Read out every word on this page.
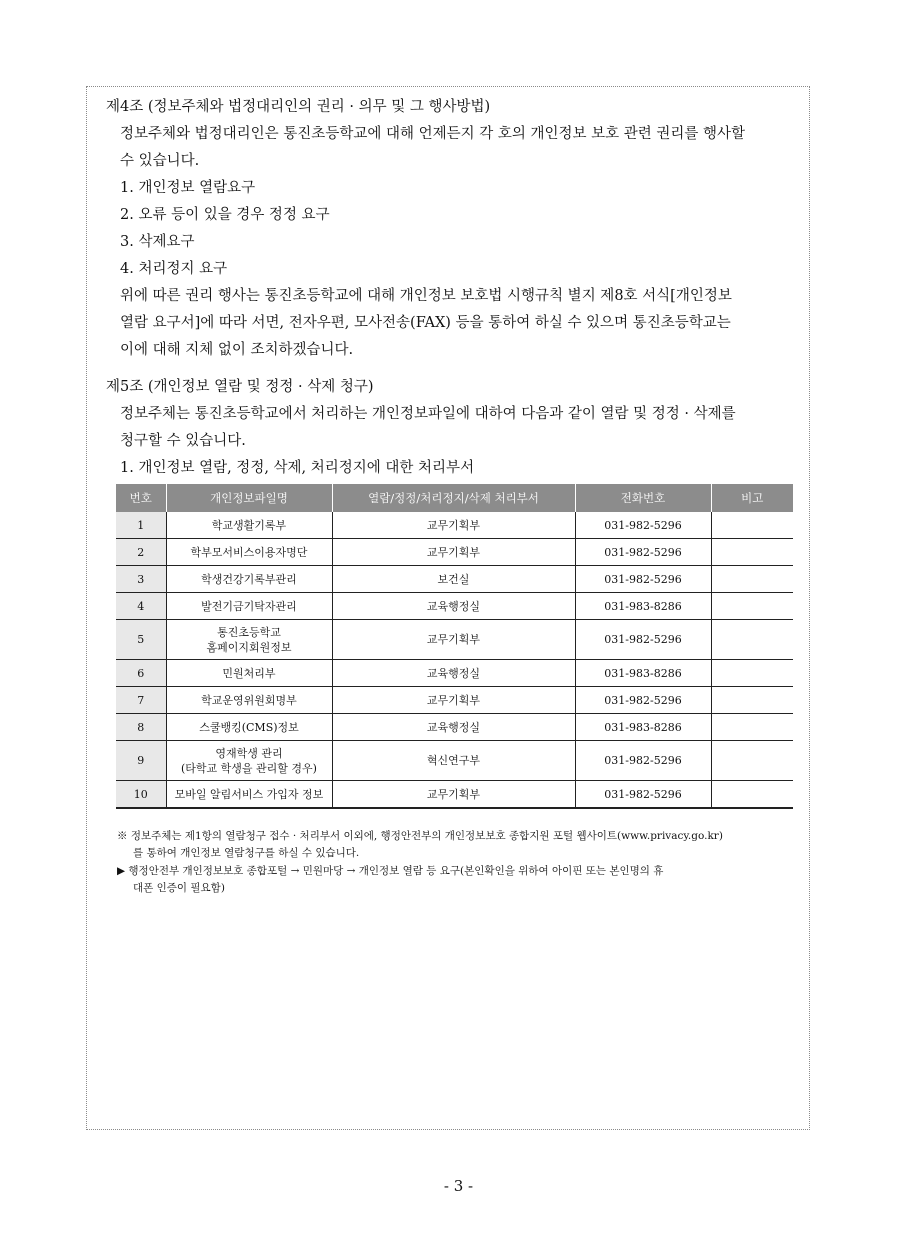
제4조 (정보주체와 법정대리인의 권리 · 의무 및 그 행사방법)
정보주체와 법정대리인은 통진초등학교에 대해 언제든지 각 호의 개인정보 보호 관련 권리를 행사할
수 있습니다.
1. 개인정보 열람요구
2. 오류 등이 있을 경우 정정 요구
3. 삭제요구
4. 처리정지 요구
위에 따른 권리 행사는 통진초등학교에 대해 개인정보 보호법 시행규칙 별지 제8호 서식[개인정보
열람 요구서]에 따라 서면, 전자우편, 모사전송(FAX) 등을 통하여 하실 수 있으며 통진초등학교는
이에 대해 지체 없이 조치하겠습니다.
제5조 (개인정보 열람 및 정정 · 삭제 청구)
정보주체는 통진초등학교에서 처리하는 개인정보파일에 대하여 다음과 같이 열람 및 정정 · 삭제를
청구할 수 있습니다.
1. 개인정보 열람, 정정, 삭제, 처리정지에 대한 처리부서
번호	개인정보파일명	열람/정정/처리정지/삭제 처리부서	전화번호	비고
1	학교생활기록부	교무기획부	031-982-5296	
2	학부모서비스이용자명단	교무기획부	031-982-5296	
3	학생건강기록부관리	보건실	031-982-5296	
4	발전기금기탁자관리	교육행정실	031-983-8286	
5	통진초등학교
홈페이지회원정보	교무기획부	031-982-5296	
6	민원처리부	교육행정실	031-983-8286	
7	학교운영위원회명부	교무기획부	031-982-5296	
8	스쿨뱅킹(CMS)정보	교육행정실	031-983-8286	
9	영재학생 관리
(타학교 학생을 관리할 경우)	혁신연구부	031-982-5296	
10	모바일 알림서비스 가입자 정보	교무기획부	031-982-5296	
※ 정보주체는 제1항의 열람청구 접수 · 처리부서 이외에, 행정안전부의 개인정보보호 종합지원 포털 웹사이트(www.privacy.go.kr)
를 통하여 개인정보 열람청구를 하실 수 있습니다.
▶ 행정안전부 개인정보보호 종합포털 → 민원마당 → 개인정보 열람 등 요구(본인확인을 위하여 아이핀 또는 본인명의 휴
대폰 인증이 필요함)
- 3 -
